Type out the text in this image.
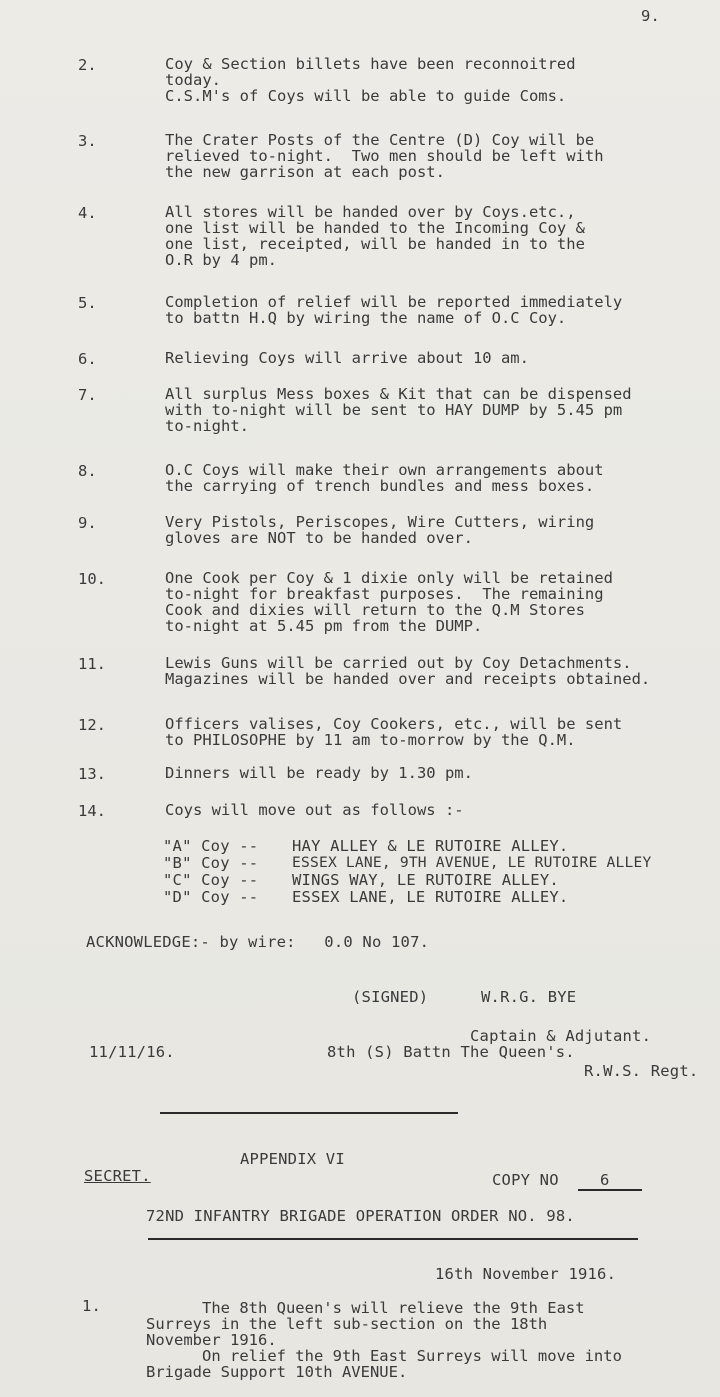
9.
2.	Coy & Section billets have been reconnoitred
today.
C.S.M's of Coys will be able to guide Coms.
3.	The Crater Posts of the Centre (D) Coy will be
relieved to-night.  Two men should be left with
the new garrison at each post.
4.	All stores will be handed over by Coys.etc.,
one list will be handed to the Incoming Coy &
one list, receipted, will be handed in to the
O.R by 4 pm.
5.	Completion of relief will be reported immediately
to battn H.Q by wiring the name of O.C Coy.
6.	Relieving Coys will arrive about 10 am.
7.	All surplus Mess boxes & Kit that can be dispensed
with to-night will be sent to HAY DUMP by 5.45 pm
to-night.
8.	O.C Coys will make their own arrangements about
the carrying of trench bundles and mess boxes.
9.	Very Pistols, Periscopes, Wire Cutters, wiring
gloves are NOT to be handed over.
10.	One Cook per Coy & 1 dixie only will be retained
to-night for breakfast purposes.  The remaining
Cook and dixies will return to the Q.M Stores
to-night at 5.45 pm from the DUMP.
11.	Lewis Guns will be carried out by Coy Detachments.
Magazines will be handed over and receipts obtained.
12.	Officers valises, Coy Cookers, etc., will be sent
to PHILOSOPHE by 11 am to-morrow by the Q.M.
13.	Dinners will be ready by 1.30 pm.
14.	Coys will move out as follows :-
"A" Coy -- HAY ALLEY & LE RUTOIRE ALLEY.
"B" Coy -- ESSEX LANE, 9TH AVENUE, LE RUTOIRE ALLEY
"C" Coy -- WINGS WAY, LE RUTOIRE ALLEY.
"D" Coy -- ESSEX LANE, LE RUTOIRE ALLEY.
ACKNOWLEDGE:- by wire:   0.0 No 107.
(SIGNED)	W.R.G. BYE
Captain & Adjutant.
11/11/16.	8th (S) Battn The Queen's.
R.W.S. Regt.
APPENDIX VI
SECRET.	COPY NO	6
72ND INFANTRY BRIGADE OPERATION ORDER NO. 98.
16th November 1916.
1.	The 8th Queen's will relieve the 9th East
Surreys in the left sub-section on the 18th
November 1916.
On relief the 9th East Surreys will move into
Brigade Support 10th AVENUE.
